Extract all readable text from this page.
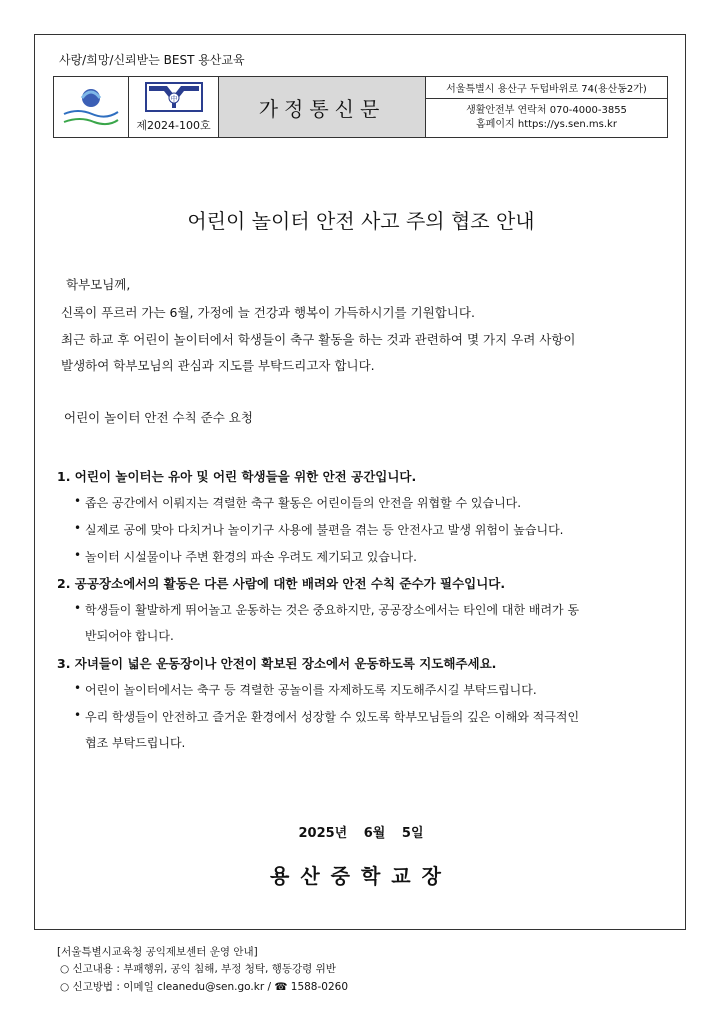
사랑/희망/신뢰받는 BEST 용산교육
中
제2024-100호
가정통신문
서울특별시 용산구 두텁바위로 74(용산동2가)
생활안전부 연락처 070-4000-3855
홈페이지 https://ys.sen.ms.kr
어린이 놀이터 안전 사고 주의 협조 안내
학부모님께,
신록이 푸르러 가는 6월, 가정에 늘 건강과 행복이 가득하시기를 기원합니다.
최근 하교 후 어린이 놀이터에서 학생들이 축구 활동을 하는 것과 관련하여 몇 가지 우려 사항이
발생하여 학부모님의 관심과 지도를 부탁드리고자 합니다.
어린이 놀이터 안전 수칙 준수 요청
1. 어린이 놀이터는 유아 및 어린 학생들을 위한 안전 공간입니다.
• 좁은 공간에서 이뤄지는 격렬한 축구 활동은 어린이들의 안전을 위협할 수 있습니다.
• 실제로 공에 맞아 다치거나 놀이기구 사용에 불편을 겪는 등 안전사고 발생 위험이 높습니다.
• 놀이터 시설물이나 주변 환경의 파손 우려도 제기되고 있습니다.
2. 공공장소에서의 활동은 다른 사람에 대한 배려와 안전 수칙 준수가 필수입니다.
• 학생들이 활발하게 뛰어놀고 운동하는 것은 중요하지만, 공공장소에서는 타인에 대한 배려가 동
반되어야 합니다.
3. 자녀들이 넓은 운동장이나 안전이 확보된 장소에서 운동하도록 지도해주세요.
• 어린이 놀이터에서는 축구 등 격렬한 공놀이를 자제하도록 지도해주시길 부탁드립니다.
• 우리 학생들이 안전하고 즐거운 환경에서 성장할 수 있도록 학부모님들의 깊은 이해와 적극적인
협조 부탁드립니다.
2025년 6월 5일
용산중학교장
[서울특별시교육청 공익제보센터 운영 안내]
○ 신고내용 : 부패행위, 공익 침해, 부정 청탁, 행동강령 위반
○ 신고방법 : 이메일 cleanedu@sen.go.kr / ☎ 1588-0260
